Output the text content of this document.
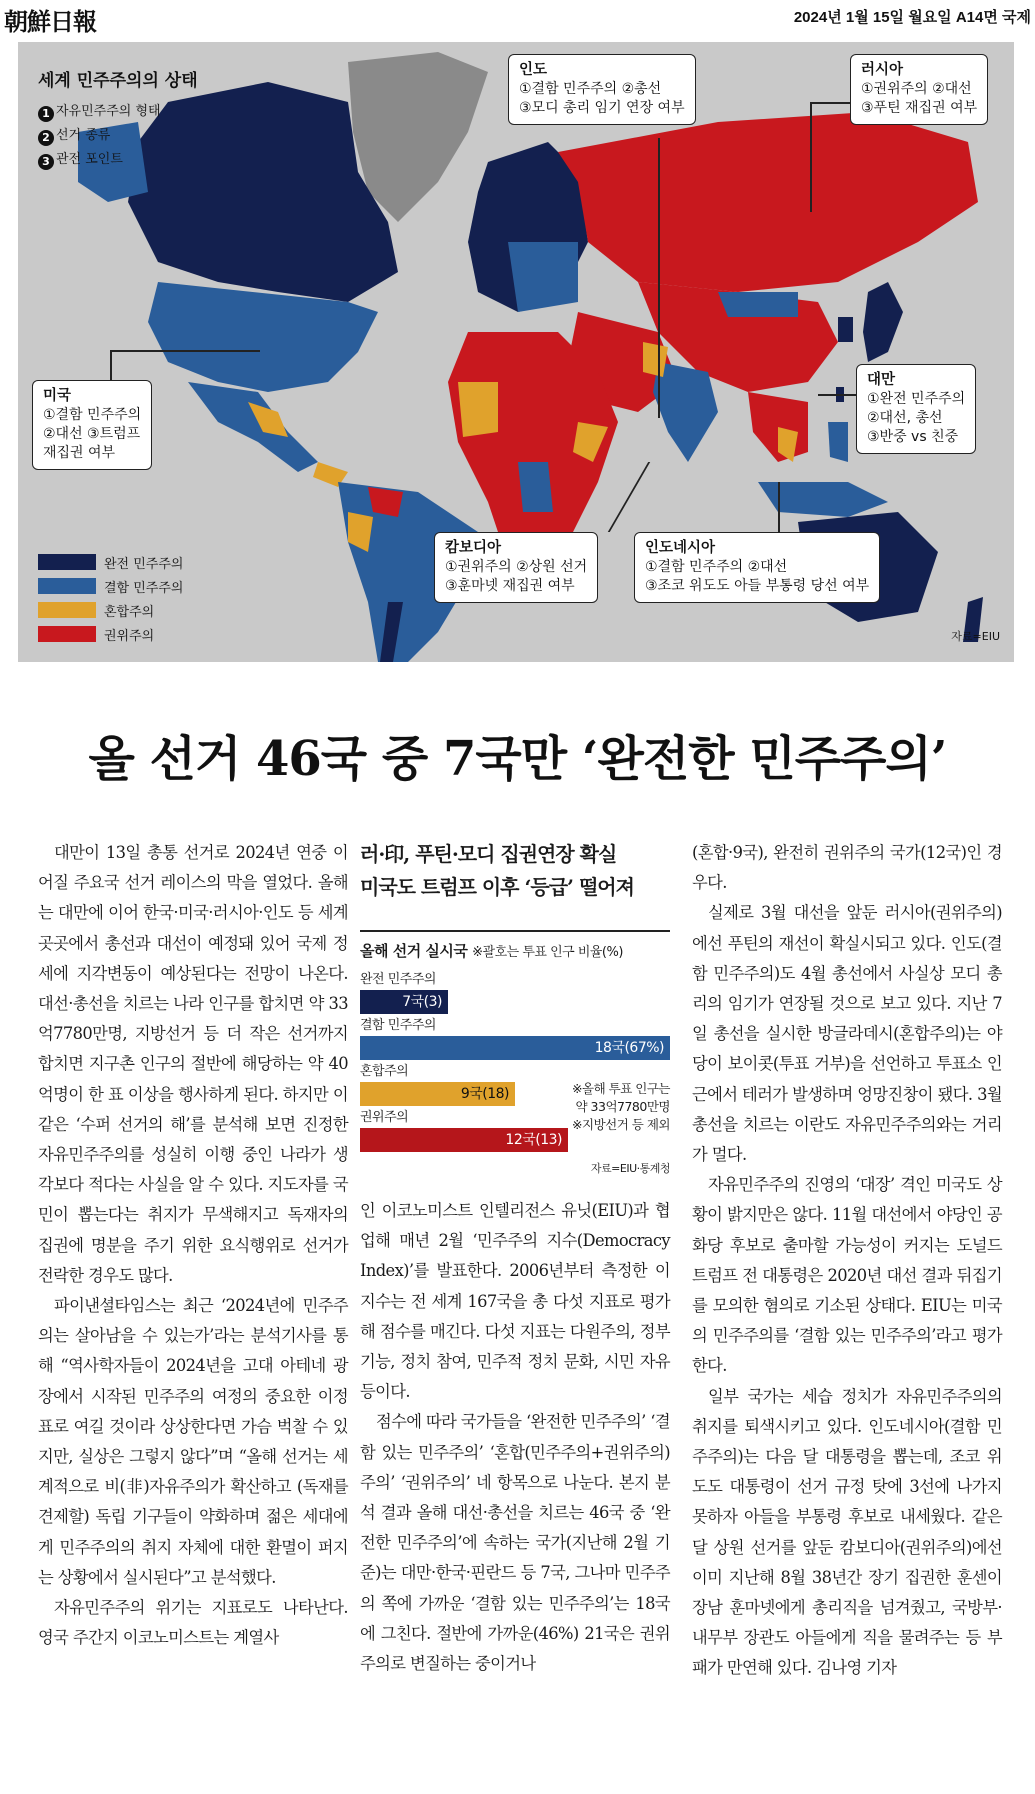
朝鮮日報	2024년 1월 15일 월요일 A14면 국제
세계 민주주의의 상태
1 자유민주주의 형태
2 선거 종류
3 관전 포인트
인도
①결함 민주주의 ②총선
③모디 총리 임기 연장 여부
러시아
①권위주의 ②대선
③푸틴 재집권 여부
미국
①결함 민주주의
②대선 ③트럼프
재집권 여부
대만
①완전 민주주의
②대선, 총선
③반중 vs 친중
캄보디아
①권위주의 ②상원 선거
③훈마넷 재집권 여부
인도네시아
①결함 민주주의 ②대선
③조코 위도도 아들 부통령 당선 여부
완전 민주주의
결함 민주주의
혼합주의
권위주의	자료=EIU
올 선거 46국 중 7국만 ‘완전한 민주주의’

대만이 13일 총통 선거로 2024년 연중 이어질 주요국 선거 레이스의 막을 열었다. 올해는 대만에 이어 한국·미국·러시아·인도 등 세계 곳곳에서 총선과 대선이 예정돼 있어 국제 정세에 지각변동이 예상된다는 전망이 나온다. 대선·총선을 치르는 나라 인구를 합치면 약 33억7780만명, 지방선거 등 더 작은 선거까지 합치면 지구촌 인구의 절반에 해당하는 약 40억명이 한 표 이상을 행사하게 된다. 하지만 이 같은 ‘수퍼 선거의 해’를 분석해 보면 진정한 자유민주주의를 성실히 이행 중인 나라가 생각보다 적다는 사실을 알 수 있다. 지도자를 국민이 뽑는다는 취지가 무색해지고 독재자의 집권에 명분을 주기 위한 요식행위로 선거가 전락한 경우도 많다.

파이낸셜타임스는 최근 ‘2024년에 민주주의는 살아남을 수 있는가’라는 분석기사를 통해 “역사학자들이 2024년을 고대 아테네 광장에서 시작된 민주주의 여정의 중요한 이정표로 여길 것이라 상상한다면 가슴 벅찰 수 있지만, 실상은 그렇지 않다”며 “올해 선거는 세계적으로 비(非)자유주의가 확산하고 (독재를 견제할) 독립 기구들이 약화하며 젊은 세대에게 민주주의의 취지 자체에 대한 환멸이 퍼지는 상황에서 실시된다”고 분석했다.

자유민주주의 위기는 지표로도 나타난다. 영국 주간지 이코노미스트는 계열사

러·印, 푸틴·모디 집권연장 확실
미국도 트럼프 이후 ‘등급’ 떨어져
올해 선거 실시국 ※괄호는 투표 인구 비율(%)
완전 민주주의
7국(3)
결함 민주주의
18국(67%)
혼합주의
9국(18)
권위주의
12국(13)
※올해 투표 인구는
약 33억7780만명
※지방선거 등 제외
자료=EIU·통계청

인 이코노미스트 인텔리전스 유닛(EIU)과 협업해 매년 2월 ‘민주주의 지수(Democracy Index)’를 발표한다. 2006년부터 측정한 이 지수는 전 세계 167국을 총 다섯 지표로 평가해 점수를 매긴다. 다섯 지표는 다원주의, 정부 기능, 정치 참여, 민주적 정치 문화, 시민 자유 등이다.

점수에 따라 국가들을 ‘완전한 민주주의’ ‘결함 있는 민주주의’ ‘혼합(민주주의+권위주의)주의’ ‘권위주의’ 네 항목으로 나눈다. 본지 분석 결과 올해 대선·총선을 치르는 46국 중 ‘완전한 민주주의’에 속하는 국가(지난해 2월 기준)는 대만·한국·핀란드 등 7국, 그나마 민주주의 쪽에 가까운 ‘결함 있는 민주주의’는 18국에 그친다. 절반에 가까운(46%) 21국은 권위주의로 변질하는 중이거나

(혼합·9국), 완전히 권위주의 국가(12국)인 경우다.

실제로 3월 대선을 앞둔 러시아(권위주의)에선 푸틴의 재선이 확실시되고 있다. 인도(결함 민주주의)도 4월 총선에서 사실상 모디 총리의 임기가 연장될 것으로 보고 있다. 지난 7일 총선을 실시한 방글라데시(혼합주의)는 야당이 보이콧(투표 거부)을 선언하고 투표소 인근에서 테러가 발생하며 엉망진창이 됐다. 3월 총선을 치르는 이란도 자유민주주의와는 거리가 멀다.

자유민주주의 진영의 ‘대장’ 격인 미국도 상황이 밝지만은 않다. 11월 대선에서 야당인 공화당 후보로 출마할 가능성이 커지는 도널드 트럼프 전 대통령은 2020년 대선 결과 뒤집기를 모의한 혐의로 기소된 상태다. EIU는 미국의 민주주의를 ‘결함 있는 민주주의’라고 평가한다.

일부 국가는 세습 정치가 자유민주주의의 취지를 퇴색시키고 있다. 인도네시아(결함 민주주의)는 다음 달 대통령을 뽑는데, 조코 위도도 대통령이 선거 규정 탓에 3선에 나가지 못하자 아들을 부통령 후보로 내세웠다. 같은 달 상원 선거를 앞둔 캄보디아(권위주의)에선 이미 지난해 8월 38년간 장기 집권한 훈센이 장남 훈마넷에게 총리직을 넘겨줬고, 국방부·내무부 장관도 아들에게 직을 물려주는 등 부패가 만연해 있다. 김나영 기자
